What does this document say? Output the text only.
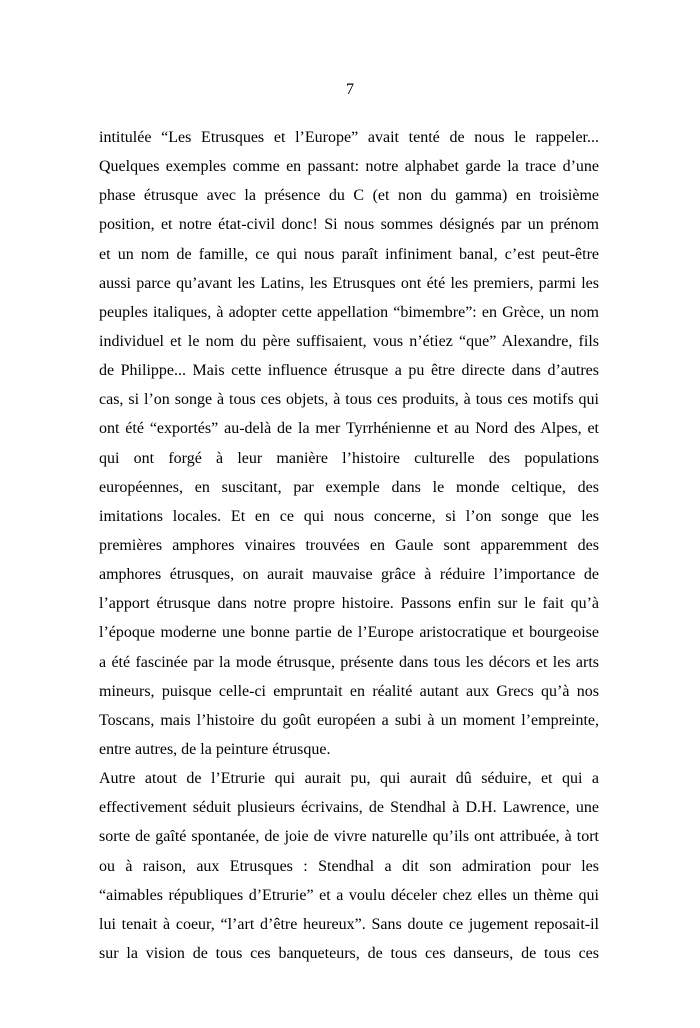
7
intitulée “Les Etrusques et l’Europe” avait tenté de nous le rappeler...
Quelques exemples comme en passant: notre alphabet garde la trace d’une
phase étrusque avec la présence du C (et non du gamma) en troisième
position, et notre état-civil donc! Si nous sommes désignés par un prénom
et un nom de famille, ce qui nous paraît infiniment banal, c’est peut-être
aussi parce qu’avant les Latins, les Etrusques ont été les premiers, parmi les
peuples italiques, à adopter cette appellation “bimembre”: en Grèce, un nom
individuel et le nom du père suffisaient, vous n’étiez “que” Alexandre, fils
de Philippe... Mais cette influence étrusque a pu être directe dans d’autres
cas, si l’on songe à tous ces objets, à tous ces produits, à tous ces motifs qui
ont été “exportés” au-delà de la mer Tyrrhénienne et au Nord des Alpes, et
qui ont forgé à leur manière l’histoire culturelle des populations
européennes, en suscitant, par exemple dans le monde celtique, des
imitations locales. Et en ce qui nous concerne, si l’on songe que les
premières amphores vinaires trouvées en Gaule sont apparemment des
amphores étrusques, on aurait mauvaise grâce à réduire l’importance de
l’apport étrusque dans notre propre histoire. Passons enfin sur le fait qu’à
l’époque moderne une bonne partie de l’Europe aristocratique et bourgeoise
a été fascinée par la mode étrusque, présente dans tous les décors et les arts
mineurs, puisque celle-ci empruntait en réalité autant aux Grecs qu’à nos
Toscans, mais l’histoire du goût européen a subi à un moment l’empreinte,
entre autres, de la peinture étrusque.
Autre atout de l’Etrurie qui aurait pu, qui aurait dû séduire, et qui a
effectivement séduit plusieurs écrivains, de Stendhal à D.H. Lawrence, une
sorte de gaîté spontanée, de joie de vivre naturelle qu’ils ont attribuée, à tort
ou à raison, aux Etrusques : Stendhal a dit son admiration pour les
“aimables républiques d’Etrurie” et a voulu déceler chez elles un thème qui
lui tenait à coeur, “l’art d’être heureux”. Sans doute ce jugement reposait-il
sur la vision de tous ces banqueteurs, de tous ces danseurs, de tous ces
